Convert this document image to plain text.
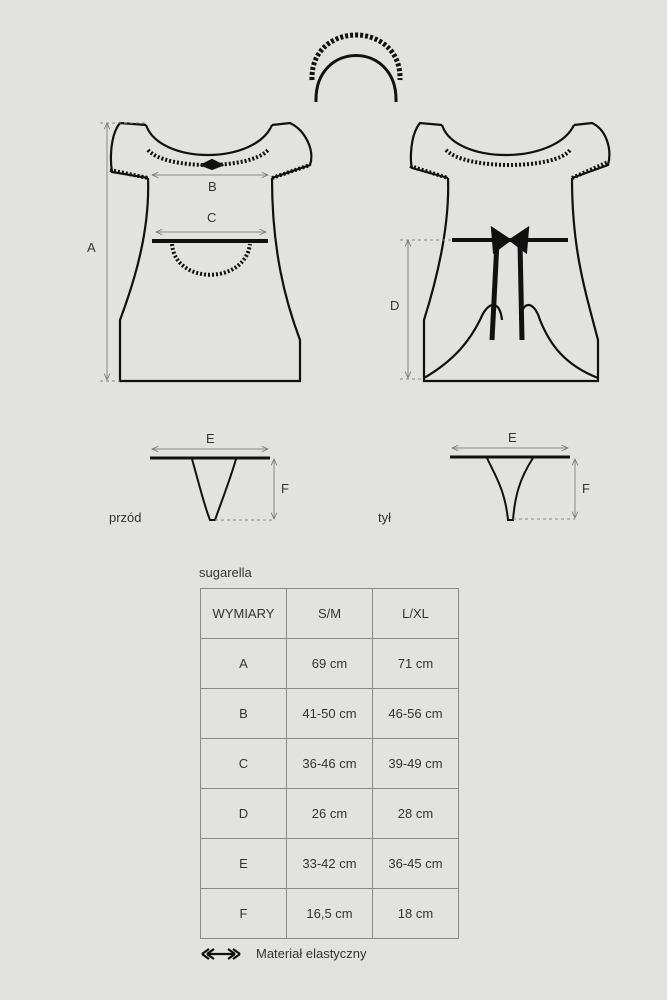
A
B
C
D
E
F
przód
E
F
tył
sugarella
WYMIARY	S/M	L/XL
A	69 cm	71 cm
B	41-50 cm	46-56 cm
C	36-46 cm	39-49 cm
D	26 cm	28 cm
E	33-42 cm	36-45 cm
F	16,5 cm	18 cm
Materiał elastyczny
